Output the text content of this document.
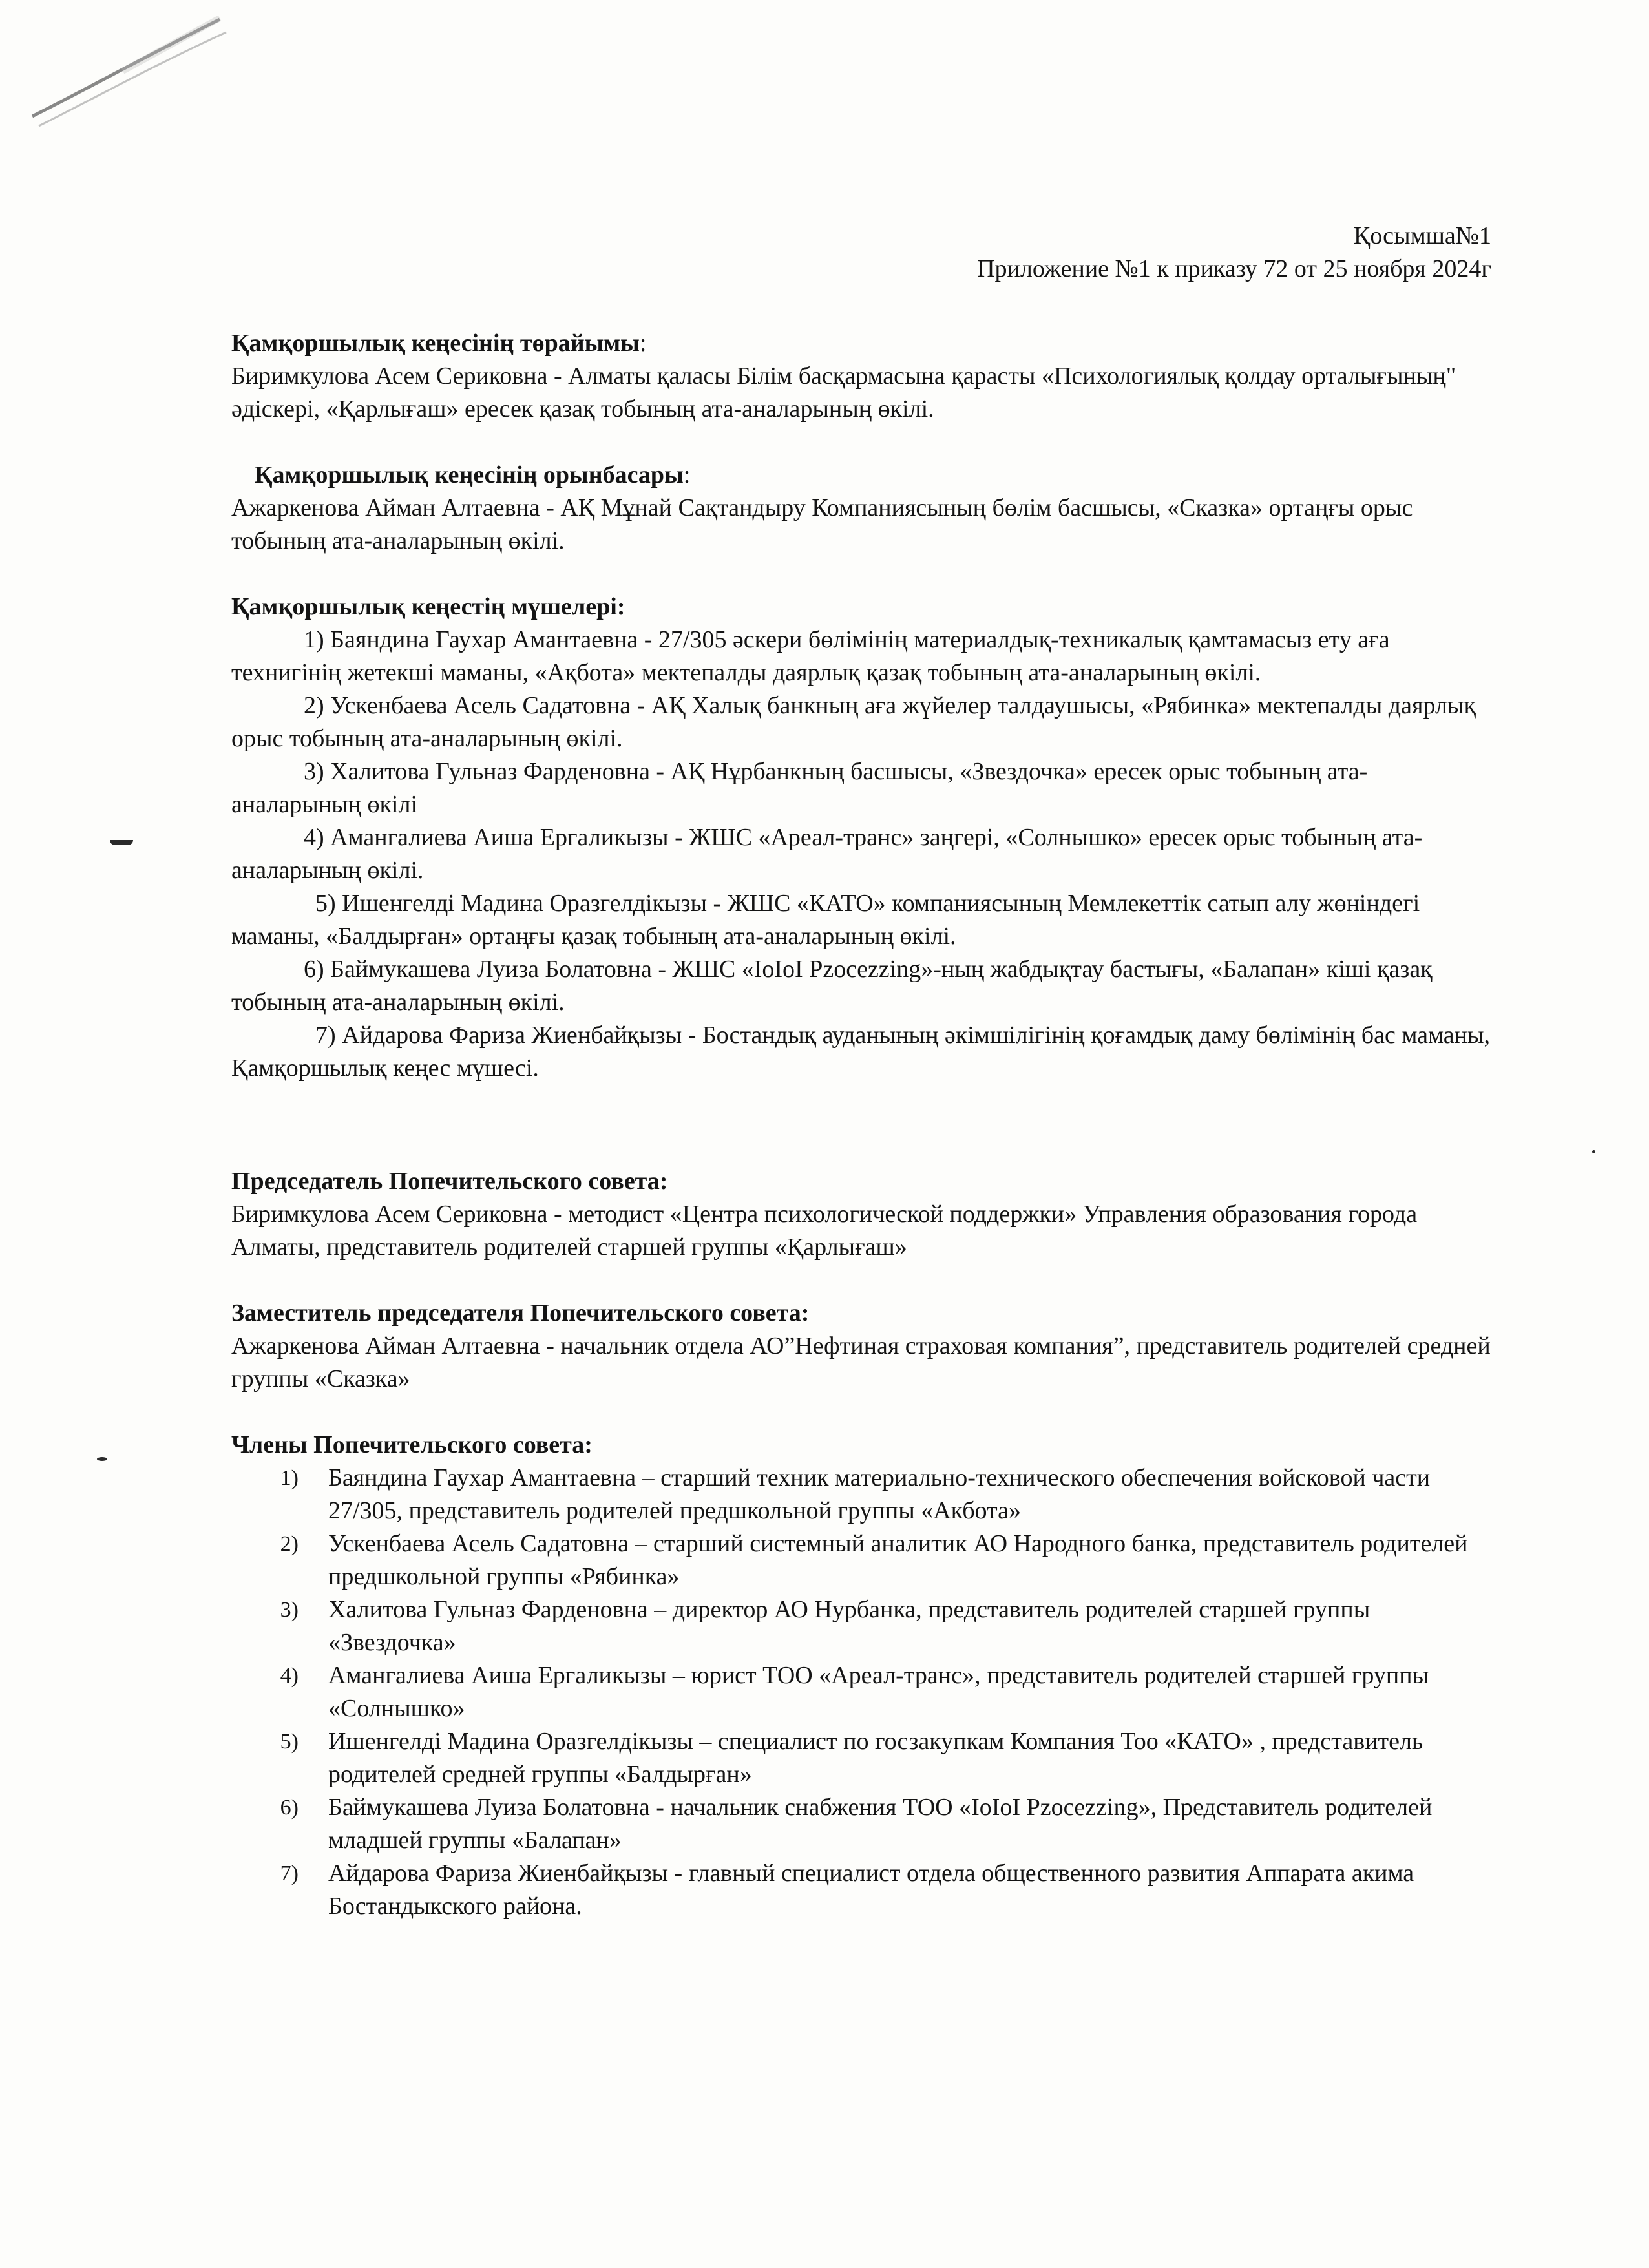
Қосымша№1

Приложение №1 к приказу 72 от 25 ноября 2024г

Қамқоршылық кеңесінің төрайымы:

Биримкулова Асем Сериковна - Алматы қаласы Білім басқармасына қарасты «Психологиялық қолдау орталығының" әдіскері, «Қарлығаш» ересек қазақ тобының ата-аналарының өкілі.

Қамқоршылық кеңесінің орынбасары:

Ажаркенова Айман Алтаевна - АҚ Мұнай Сақтандыру Компаниясының бөлім басшысы, «Сказка» ортаңғы орыс тобының ата-аналарының өкілі.

Қамқоршылық кеңестің мүшелері:

1) Баяндина Гаухар Амантаевна - 27/305 әскери бөлімінің материалдық-техникалық қамтамасыз ету аға технигінің жетекші маманы, «Ақбота» мектепалды даярлық қазақ тобының ата-аналарының өкілі.

2) Ускенбаева Асель Садатовна - АҚ Халық банкның аға жүйелер талдаушысы, «Рябинка» мектепалды даярлық орыс тобының ата-аналарының өкілі.

3) Халитова Гульназ Фарденовна - АҚ Нұрбанкның басшысы, «Звездочка» ересек орыс тобының ата-аналарының өкілі

4) Амангалиева Аиша Ергаликызы - ЖШС «Ареал-транс» заңгері, «Солнышко» ересек орыс тобының ата-аналарының өкілі.

5) Ишенгелді Мадина Оразгелдікызы - ЖШС «КАТО» компаниясының Мемлекеттік сатып алу жөніндегі маманы, «Балдырған» ортаңғы қазақ тобының ата-аналарының өкілі.

6) Баймукашева Луиза Болатовна - ЖШС «IoIoI Pzocezzing»-ның жабдықтау бастығы, «Балапан» кіші қазақ тобының ата-аналарының өкілі.

7) Айдарова Фариза Жиенбайқызы - Бостандық ауданының әкімшілігінің қоғамдық даму бөлімінің бас маманы, Қамқоршылық кеңес мүшесі.

Председатель Попечительского совета:

Биримкулова Асем Сериковна - методист «Центра психологической поддержки» Управления образования города Алматы, представитель родителей старшей группы «Қарлығаш»

Заместитель председателя Попечительского совета:

Ажаркенова Айман Алтаевна - начальник отдела АО”Нефтиная страховая компания”, представитель родителей средней группы «Сказка»

Члены Попечительского совета:

1)	Баяндина Гаухар Амантаевна – старший техник материально-технического обеспечения войсковой части 27/305, представитель родителей предшкольной группы «Акбота»
2)	Ускенбаева Асель Садатовна – старший системный аналитик АО Народного банка, представитель родителей предшкольной группы «Рябинка»
3)	Халитова Гульназ Фарденовна – директор АО Нурбанка, представитель родителей старшей группы «Звездочка»
4)	Амангалиева Аиша Ергаликызы – юрист ТОО «Ареал-транс», представитель родителей старшей группы «Солнышко»
5)	Ишенгелді Мадина Оразгелдікызы – специалист по госзакупкам Компания Тоо «КАТО» , представитель родителей средней группы «Балдырған»
6)	Баймукашева Луиза Болатовна - начальник снабжения ТОО «IoIoI Pzocezzing», Представитель родителей младшей группы «Балапан»
7)	Айдарова Фариза Жиенбайқызы - главный специалист отдела общественного развития Аппарата акима Бостандыкского района.
